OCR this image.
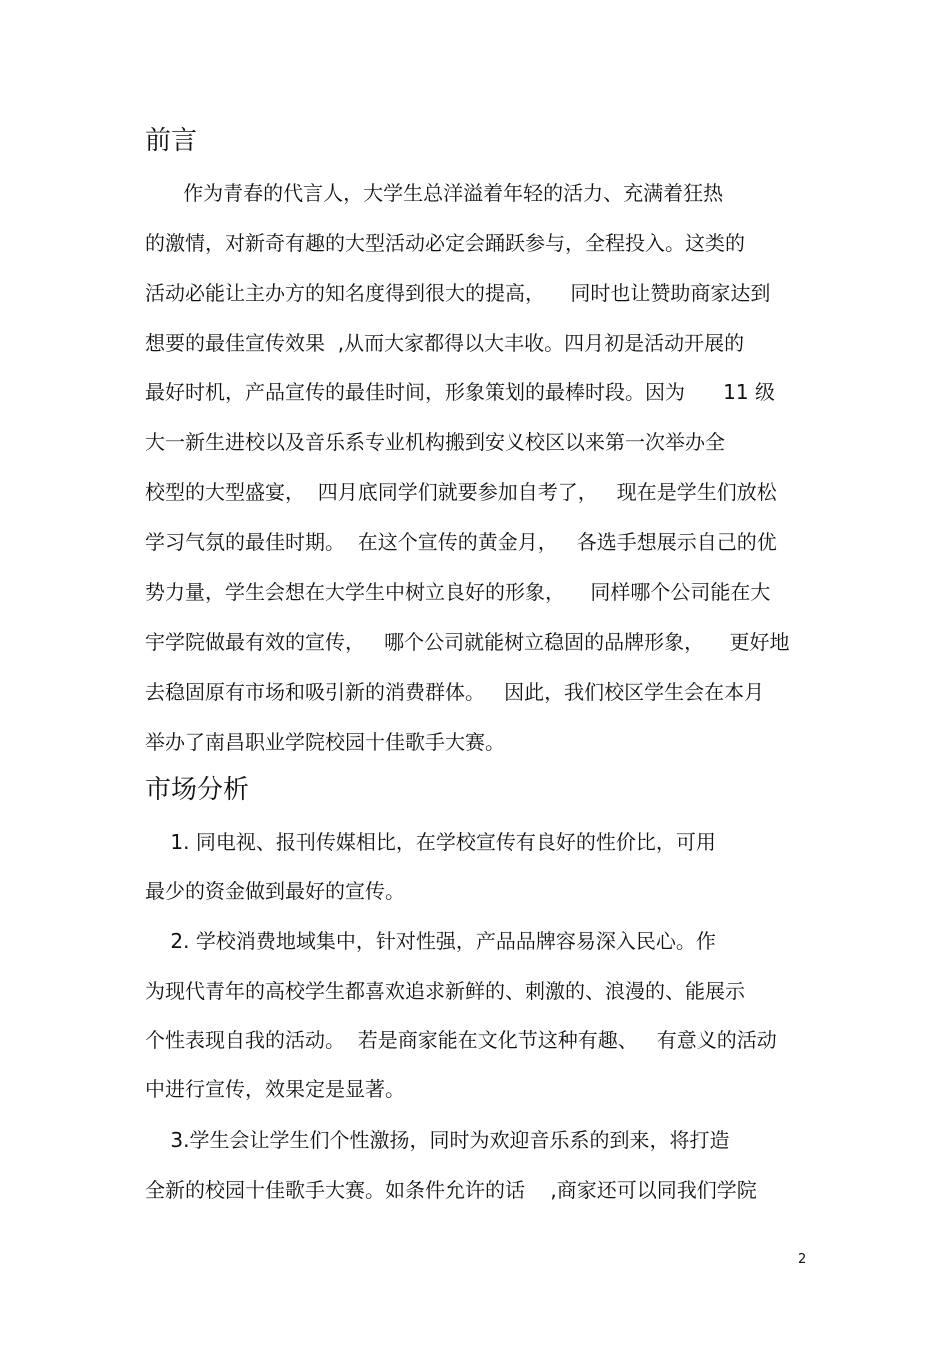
前言

作为青春的代言人，大学生总洋溢着年轻的活力、充满着狂热

的激情，对新奇有趣的大型活动必定会踊跃参与，全程投入。这类的

活动必能让主办方的知名度得到很大的提高，    同时也让赞助商家达到

想要的最佳宣传效果  ,从而大家都得以大丰收。四月初是活动开展的

最好时机，产品宣传的最佳时间，形象策划的最棒时段。因为      11 级

大一新生进校以及音乐系专业机构搬到安义校区以来第一次举办全

校型的大型盛宴，  四月底同学们就要参加自考了，   现在是学生们放松

学习气氛的最佳时期。  在这个宣传的黄金月，   各选手想展示自己的优

势力量，学生会想在大学生中树立良好的形象，    同样哪个公司能在大

宇学院做最有效的宣传，   哪个公司就能树立稳固的品牌形象，    更好地

去稳固原有市场和吸引新的消费群体。   因此，我们校区学生会在本月

举办了南昌职业学院校园十佳歌手大赛。

市场分析

1. 同电视、报刊传媒相比，在学校宣传有良好的性价比，可用

最少的资金做到最好的宣传。

2. 学校消费地域集中，针对性强，产品品牌容易深入民心。作

为现代青年的高校学生都喜欢追求新鲜的、刺激的、浪漫的、能展示

个性表现自我的活动。  若是商家能在文化节这种有趣、   有意义的活动

中进行宣传，效果定是显著。

3.学生会让学生们个性激扬，同时为欢迎音乐系的到来，将打造

全新的校园十佳歌手大赛。如条件允许的话    ,商家还可以同我们学院

2
